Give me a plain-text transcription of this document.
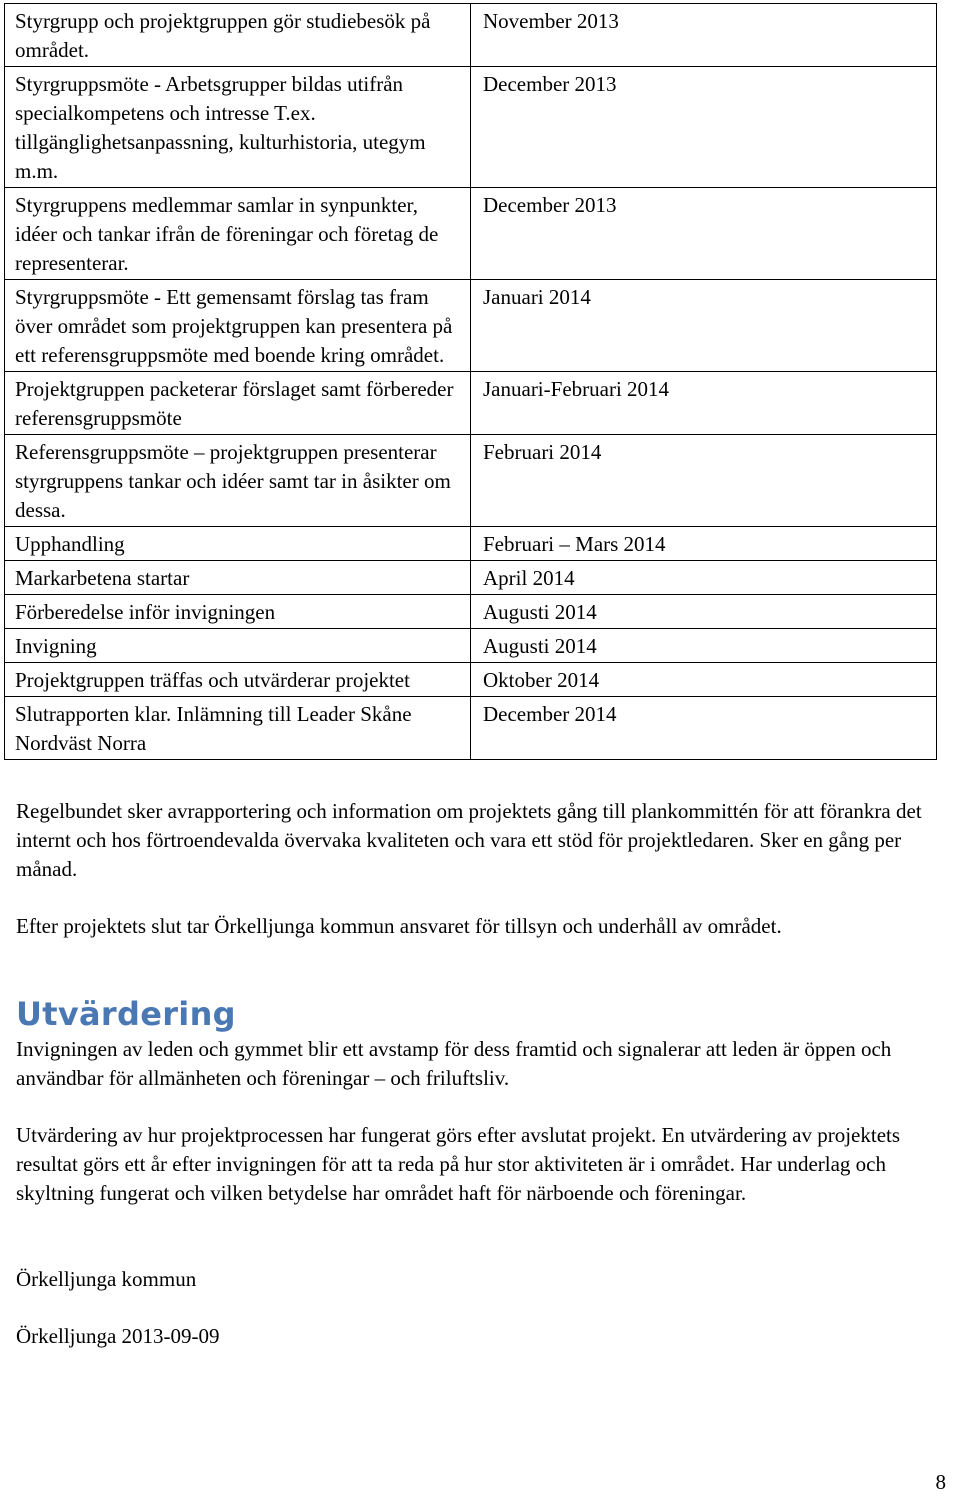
Styrgrupp och projektgruppen gör studiebesök på området.	November 2013
Styrgruppsmöte - Arbetsgrupper bildas utifrån specialkompetens och intresse T.ex. tillgänglighetsanpassning, kulturhistoria, utegym m.m.	December 2013
Styrgruppens medlemmar samlar in synpunkter, idéer och tankar ifrån de föreningar och företag de representerar.	December 2013
Styrgruppsmöte - Ett gemensamt förslag tas fram över området som projektgruppen kan presentera på ett referensgruppsmöte med boende kring området.	Januari 2014
Projektgruppen packeterar förslaget samt förbereder referensgruppsmöte	Januari-Februari 2014
Referensgruppsmöte – projektgruppen presenterar styrgruppens tankar och idéer samt tar in åsikter om dessa.	Februari 2014
Upphandling	Februari – Mars 2014
Markarbetena startar	April 2014
Förberedelse inför invigningen	Augusti 2014
Invigning	Augusti 2014
Projektgruppen träffas och utvärderar projektet	Oktober 2014
Slutrapporten klar. Inlämning till Leader Skåne Nordväst Norra	December 2014

Regelbundet sker avrapportering och information om projektets gång till plankommittén för att förankra det internt och hos förtroendevalda övervaka kvaliteten och vara ett stöd för projektledaren. Sker en gång per månad.

Efter projektets slut tar Örkelljunga kommun ansvaret för tillsyn och underhåll av området.

Utvärdering

Invigningen av leden och gymmet blir ett avstamp för dess framtid och signalerar att leden är öppen och användbar för allmänheten och föreningar – och friluftsliv.

Utvärdering av hur projektprocessen har fungerat görs efter avslutat projekt. En utvärdering av projektets resultat görs ett år efter invigningen för att ta reda på hur stor aktiviteten är i området. Har underlag och skyltning fungerat och vilken betydelse har området haft för närboende och föreningar.

Örkelljunga kommun

Örkelljunga 2013-09-09

8
